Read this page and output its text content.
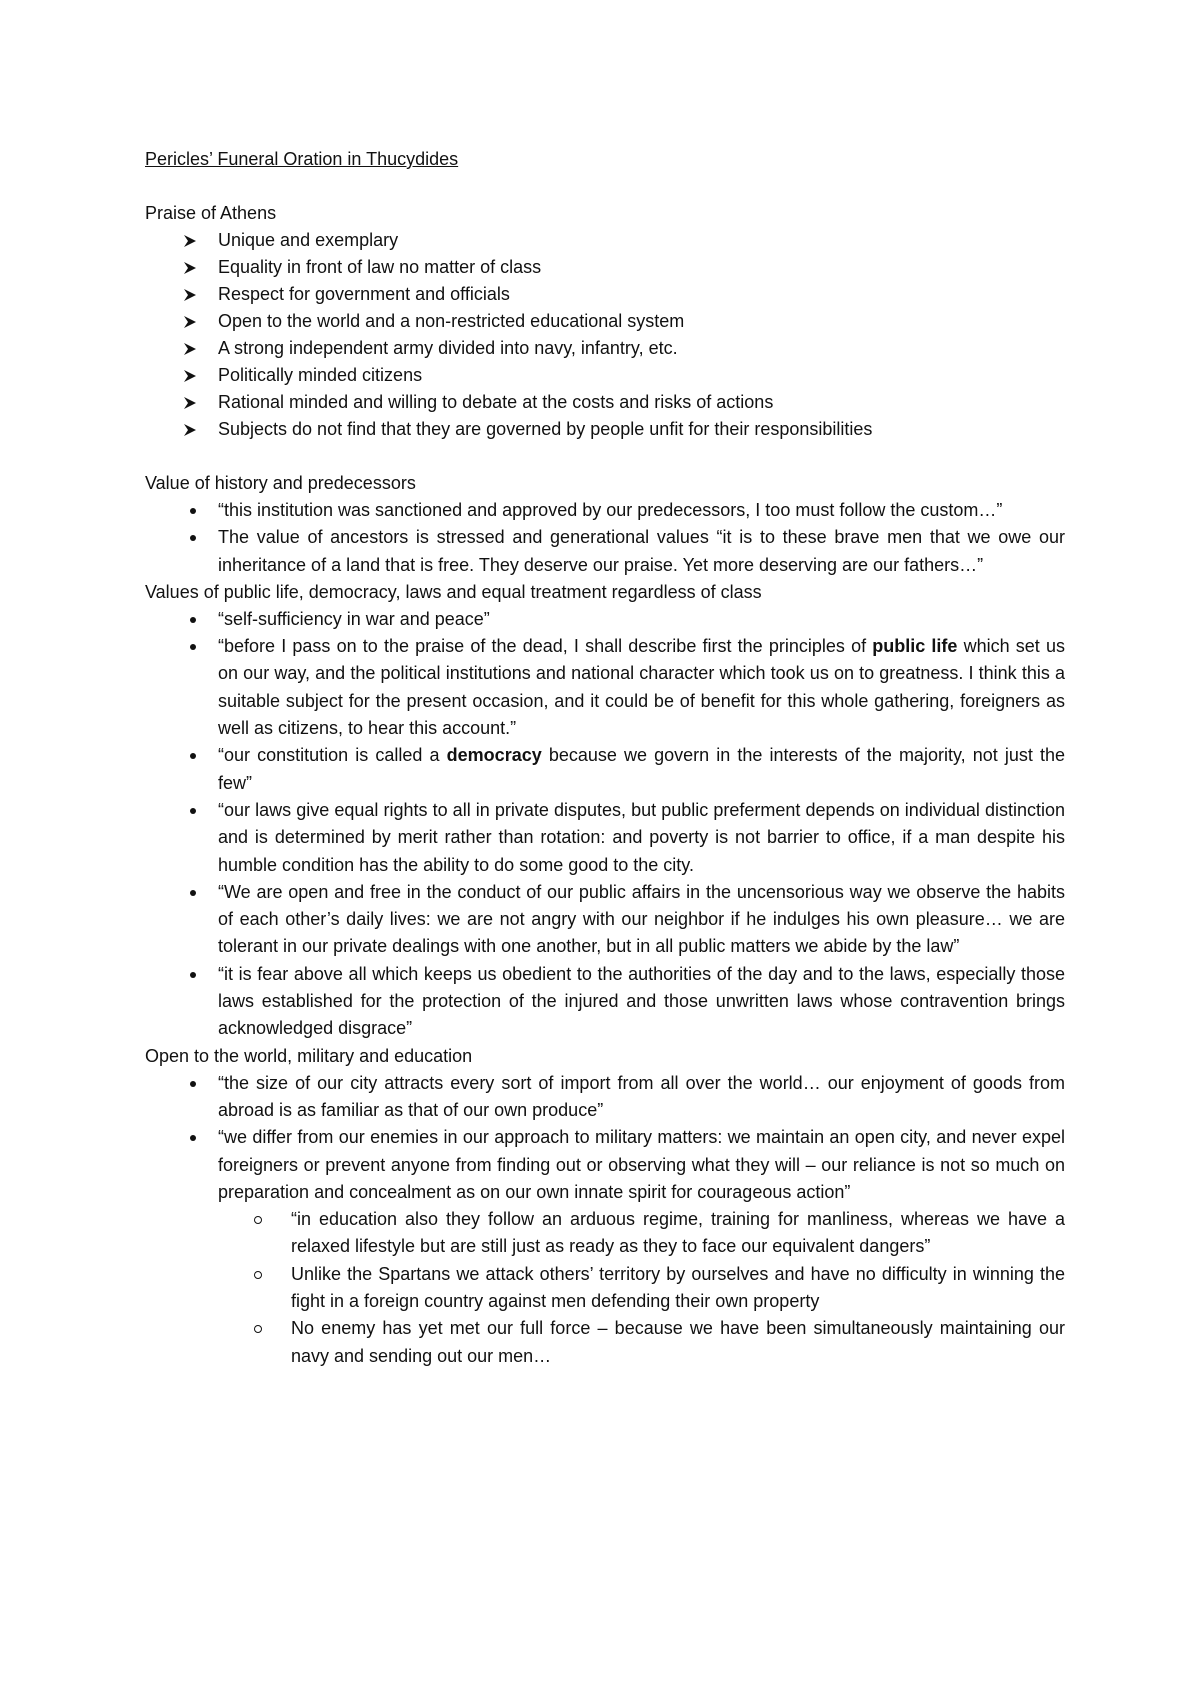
Pericles’ Funeral Oration in Thucydides
Praise of Athens
Unique and exemplary
Equality in front of law no matter of class
Respect for government and officials
Open to the world and a non-restricted educational system
A strong independent army divided into navy, infantry, etc.
Politically minded citizens
Rational minded and willing to debate at the costs and risks of actions
Subjects do not find that they are governed by people unfit for their responsibilities
Value of history and predecessors
“this institution was sanctioned and approved by our predecessors, I too must follow the custom…”
The value of ancestors is stressed and generational values “it is to these brave men that we owe our inheritance of a land that is free. They deserve our praise. Yet more deserving are our fathers…”
Values of public life, democracy, laws and equal treatment regardless of class
“self-sufficiency in war and peace”
“before I pass on to the praise of the dead, I shall describe first the principles of public life which set us on our way, and the political institutions and national character which took us on to greatness. I think this a suitable subject for the present occasion, and it could be of benefit for this whole gathering, foreigners as well as citizens, to hear this account.”
“our constitution is called a democracy because we govern in the interests of the majority, not just the few”
“our laws give equal rights to all in private disputes, but public preferment depends on individual distinction and is determined by merit rather than rotation: and poverty is not barrier to office, if a man despite his humble condition has the ability to do some good to the city.
“We are open and free in the conduct of our public affairs in the uncensorious way we observe the habits of each other’s daily lives: we are not angry with our neighbor if he indulges his own pleasure… we are tolerant in our private dealings with one another, but in all public matters we abide by the law”
“it is fear above all which keeps us obedient to the authorities of the day and to the laws, especially those laws established for the protection of the injured and those unwritten laws whose contravention brings acknowledged disgrace”
Open to the world, military and education
“the size of our city attracts every sort of import from all over the world… our enjoyment of goods from abroad is as familiar as that of our own produce”
“we differ from our enemies in our approach to military matters: we maintain an open city, and never expel foreigners or prevent anyone from finding out or observing what they will – our reliance is not so much on preparation and concealment as on our own innate spirit for courageous action”
“in education also they follow an arduous regime, training for manliness, whereas we have a relaxed lifestyle but are still just as ready as they to face our equivalent dangers”
Unlike the Spartans we attack others’ territory by ourselves and have no difficulty in winning the fight in a foreign country against men defending their own property
No enemy has yet met our full force – because we have been simultaneously maintaining our navy and sending out our men…
